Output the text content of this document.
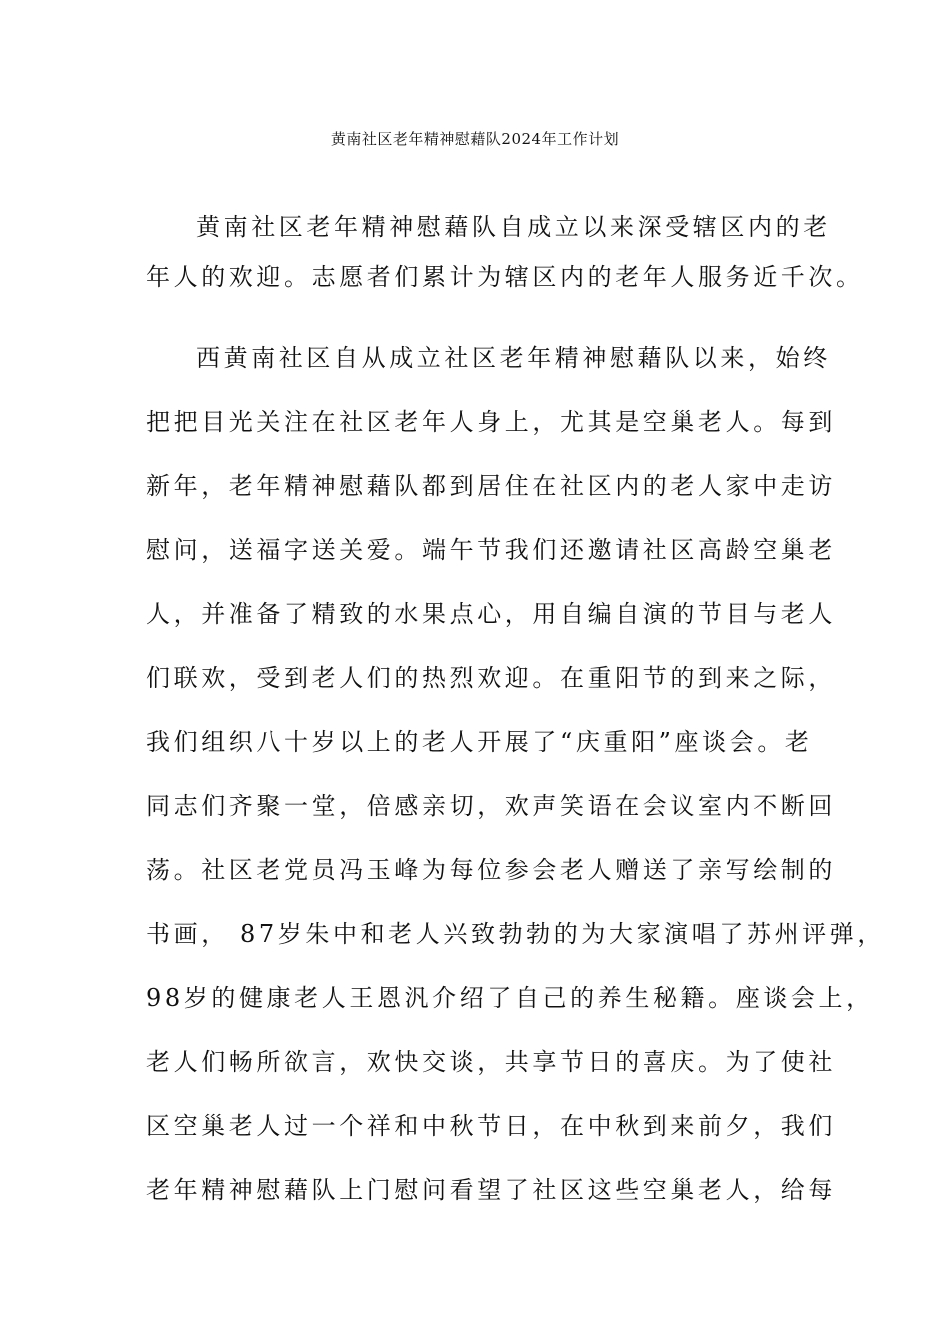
黄南社区老年精神慰藉队2024年工作计划
黄南社区老年精神慰藉队自成立以来深受辖区内的老
年人的欢迎。志愿者们累计为辖区内的老年人服务近千次。
西黄南社区自从成立社区老年精神慰藉队以来，始终
把把目光关注在社区老年人身上，尤其是空巢老人。每到
新年，老年精神慰藉队都到居住在社区内的老人家中走访
慰问，送福字送关爱。端午节我们还邀请社区高龄空巢老
人，并准备了精致的水果点心，用自编自演的节目与老人
们联欢，受到老人们的热烈欢迎。在重阳节的到来之际，
我们组织八十岁以上的老人开展了“庆重阳”座谈会。老
同志们齐聚一堂，倍感亲切，欢声笑语在会议室内不断回
荡。社区老党员冯玉峰为每位参会老人赠送了亲写绘制的
书画， 87岁朱中和老人兴致勃勃的为大家演唱了苏州评弹，
98岁的健康老人王恩汎介绍了自己的养生秘籍。座谈会上，
老人们畅所欲言，欢快交谈，共享节日的喜庆。为了使社
区空巢老人过一个祥和中秋节日，在中秋到来前夕，我们
老年精神慰藉队上门慰问看望了社区这些空巢老人，给每
